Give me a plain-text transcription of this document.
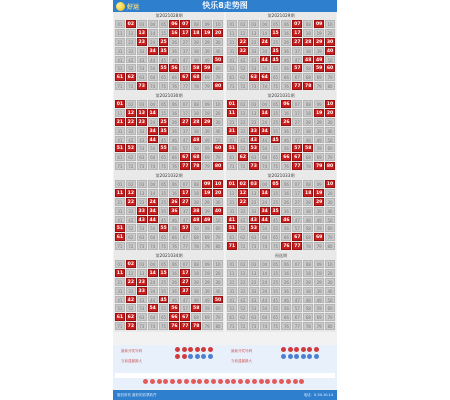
好运	快乐8走势图
第2021028期
01	02	03	04	05	06 07	08	09	10
11	12	13	14	15	16 17 18 19 20
21	22	23	24	25	26	27	28	29	30
31	32	33	34 35	36	37	38	39	40
41	42	43	44	45	46	47	48	49	50
51	52	53	54	55 56	57	58 59	60
61 62	63	64	65	66	67 68	69	70
71	72	73	74	75	76	77	78	79	80
第2021029期
01	02	03	04	05	06	07	08	09	10
11	12	13	14	15	16	17	18	19	20
21	22	23	24	25	26	27 28 29 30
31	32	33	34	35	36	37	38	39	40
41	42	43	44 45	46	47	48 49	50
51	52	53	54	55	56	57	58	59 60
61	62	63 64	65	66	67	68	69	70
71	72	73	74	75	76	77 78	79	80
第2021030期
01	02	03	04	05	06	07	08	09	10
11	12 13 14	15	16	17	18	19	20
21 22 23	24	25	26	27 28 29	30
31	32	33	34 35	36	37	38	39	40
41	42	43	44	45	46	47	48	49	50
51 52	53	54	55	56	57	58	59	60
61	62	63	64	65	66	67 68	69	70
71	72	73	74	75	76	77 78	79	80
第2021031期
01	02	03	04	05	06	07	08	09	10
11	12	13	14	15	16	17	18	19 20
21	22	23	24	25	26	27	28	29	30
31	32	33 34	35	36	37	38	39	40
41	42	43	44	45	46	47	48	49	50
51	52	53	54	55	56	57 58	59	60
61	62	63	64	65	66 67	68	69	70
71	72	73	74	75	76	77	78	79 80
第2021032期
01	02	03	04	05	06	07	08	09 10
11 12	13	14	15	16	17	18	19 20
21	22	23	24	25	26 27	28	29	30
31	32	33 34	35	36	37	38	39	40
41	42	43 44	45	46	47	48 49	50
51	52	53	54	55	56	57	58	59	60
61	62	63	64	65	66	67	68	69	70
71	72	73	74	75	76	77	78	79	80
第2021033期
01 02 03	04	05	06	07	08	09	10
11	12	13	14	15	16	17	18 19	20
21	22	23	24	25	26	27	28	29	30
31	32	33	34 35	36	37	38	39	40
41	42	43 44	45	46	47	48	49	50
51	52	53	54	55	56	57	58	59	60
61	62	63	64	65	66	67	68	69	70
71	72	73	74	75	76 77	78	79	80
第2021034期
01	02	03	04	05	06	07	08	09	10
11	12	13	14 15	16	17	18	19	20
21	22 23	24	25	26	27	28	29	30
31	32	33	34	35	36	37	38	39	40
41	42	43	44	45	46	47	48	49	50
51	52	53	54	55	56	57	58	59	60
61 62	63	64	65	66 67	68	69	70
71	72	73	74	75	76 77 78	79	80
预选期
01	02	03	04	05	06	07	08	09	10
11	12	13	14	15	16	17	18	19	20
21	22	23	24	25	26	27	28	29	30
31	32	33	34	35	36	37	38	39	40
41	42	43	44	45	46	47	48	49	50
51	52	53	54	55	56	57	58	59	60
61	62	63	64	65	66	67	68	69	70
71	72	73	74	75	76	77	78	79	80
最新开奖号码
当前遗漏最大
最新开奖号码
当前遗漏最大
版权所有 最好的彩票软件	电话：0.34.10.14
